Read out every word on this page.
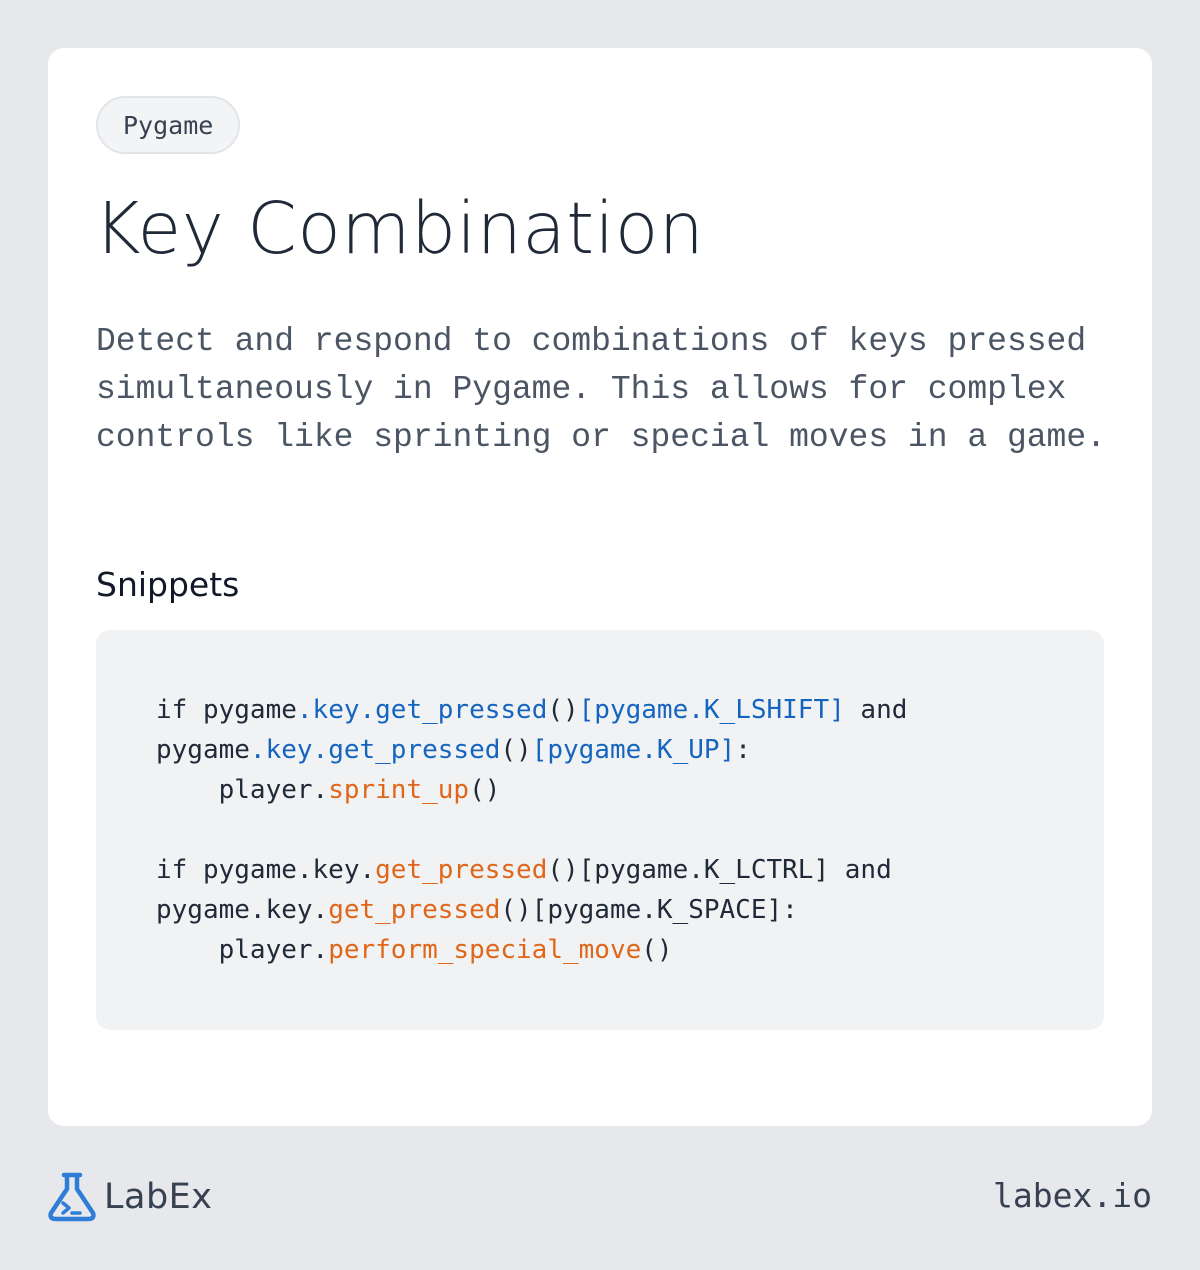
Pygame
Key Combination

Detect and respond to combinations of keys pressed simultaneously in Pygame. This allows for complex controls like sprinting or special moves in a game.

Snippets
if pygame.key.get_pressed()[pygame.K_LSHIFT] and
pygame.key.get_pressed()[pygame.K_UP]:
player.sprint_up()

if pygame.key.get_pressed()[pygame.K_LCTRL] and
pygame.key.get_pressed()[pygame.K_SPACE]:
player.perform_special_move()
LabEx	labex.io
